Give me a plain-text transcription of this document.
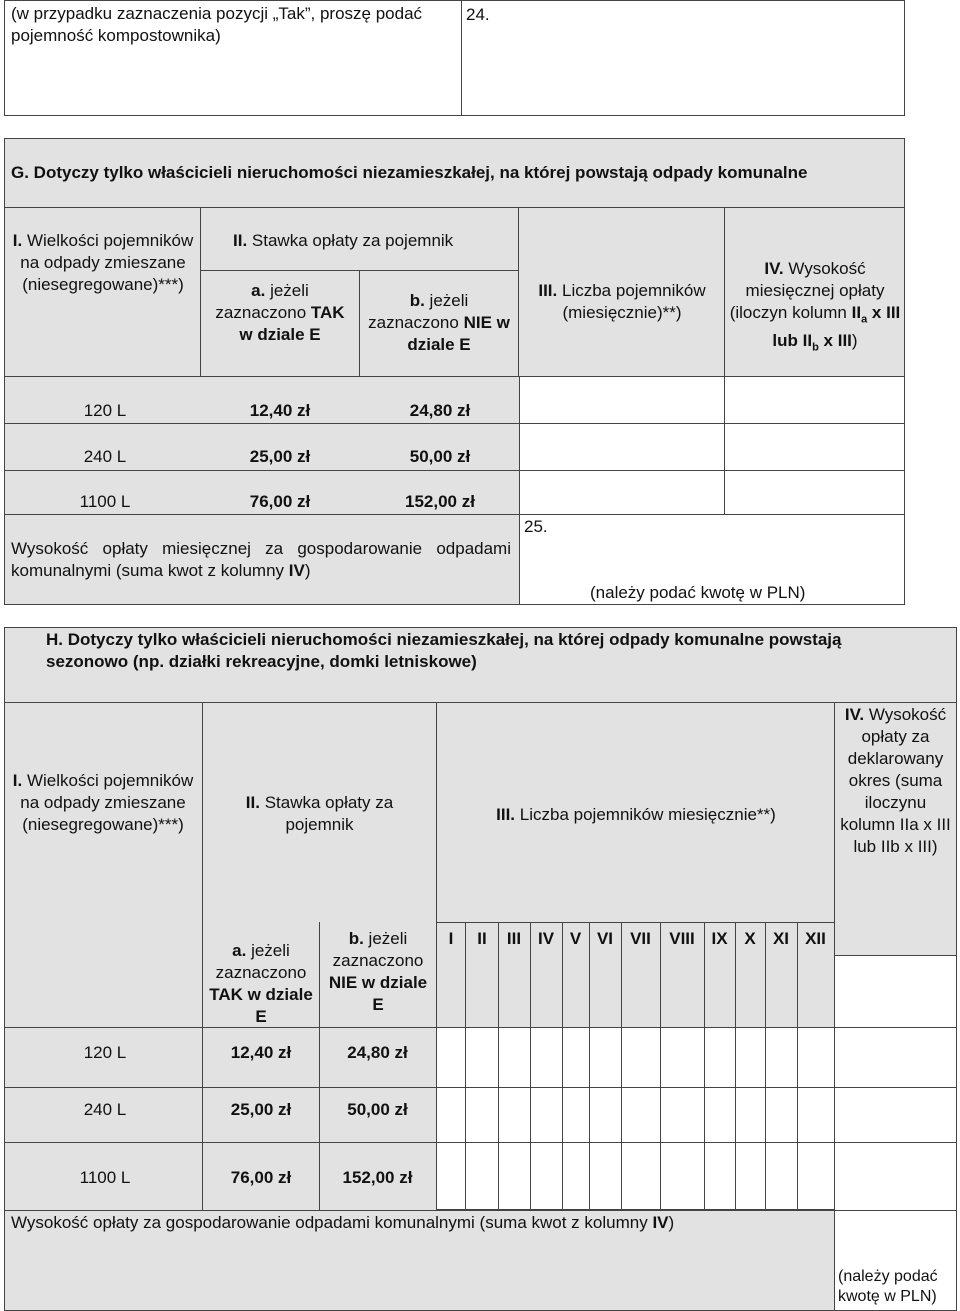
(w przypadku zaznaczenia pozycji „Tak”, proszę podać pojemność kompostownika)
24.
G. Dotyczy tylko właścicieli nieruchomości niezamieszkałej, na której powstają odpady komunalne
I. Wielkości pojemników na odpady zmieszane (niesegregowane)***)
II. Stawka opłaty za pojemnik
a. jeżeli zaznaczono TAK w dziale E
b. jeżeli zaznaczono NIE w dziale E
III. Liczba pojemników (miesięcznie)**)
IV. Wysokość miesięcznej opłaty (iloczyn kolumn $II_a$ x III lub $II_b$ x III)
120 L	12,40 zł	24,80 zł
240 L	25,00 zł	50,00 zł
1100 L	76,00 zł	152,00 zł
Wysokość opłaty miesięcznej za gospodarowanie odpadami komunalnymi (suma kwot z kolumny IV)
25.
(należy podać kwotę w PLN)
H. Dotyczy tylko właścicieli nieruchomości niezamieszkałej, na której odpady komunalne powstają sezonowo (np. działki rekreacyjne, domki letniskowe)
I. Wielkości pojemników na odpady zmieszane (niesegregowane)***)
II. Stawka opłaty za pojemnik
a. jeżeli zaznaczono TAK w dziale E
b. jeżeli zaznaczono NIE w dziale E
III. Liczba pojemników miesięcznie**)
IV. Wysokość opłaty za deklarowany okres (suma iloczynu kolumn IIa x III lub IIb x III)
I	II	III IV V VI	VII	VIII IX X	XI XII
120 L	12,40 zł	24,80 zł
240 L	25,00 zł	50,00 zł
1100 L	76,00 zł	152,00 zł
Wysokość opłaty za gospodarowanie odpadami komunalnymi (suma kwot z kolumny IV)
(należy podać kwotę w PLN)
